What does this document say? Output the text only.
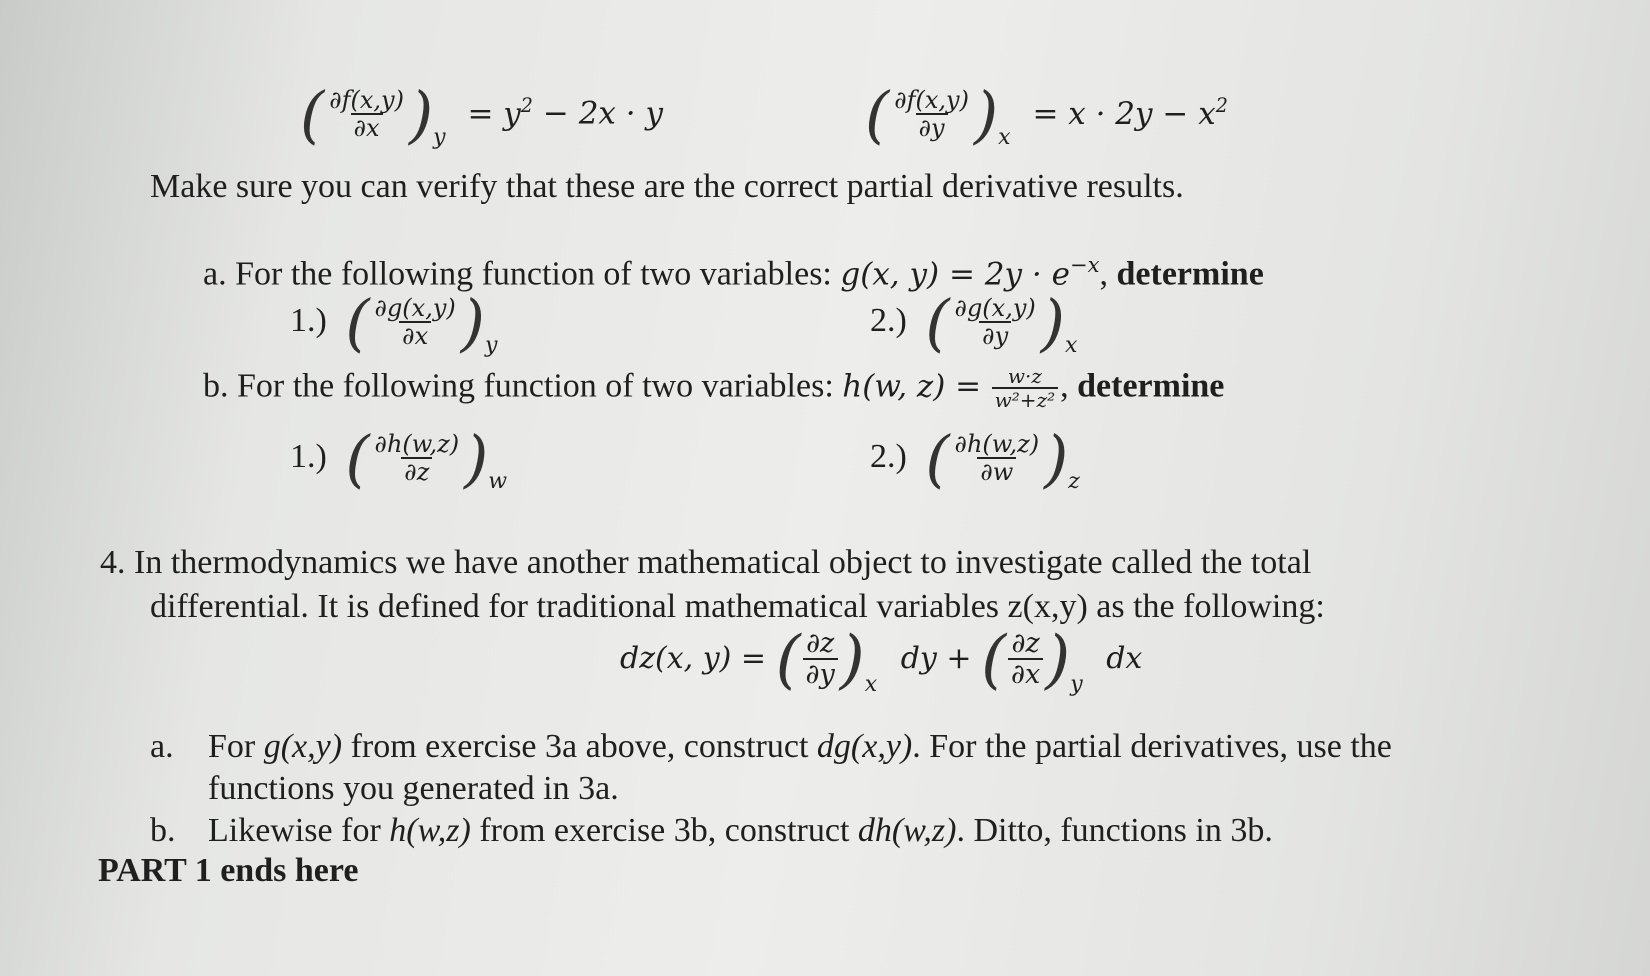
( $\frac{\partial f(x,y)}{\partial x}$ ) y
= $y^2 - 2x \cdot y$	( $\frac{\partial f(x,y)}{\partial y}$ ) x
= $x \cdot 2y - x^2$
Make sure you can verify that these are the correct partial derivative results.
a. For the following function of two variables: g(x, $y) = 2y \cdot e^{-x}$, determine
1.) ( $\frac{\partial g(x,y)}{\partial x}$ ) y
2.) ( $\frac{\partial g(x,y)}{\partial y}$ ) x
b. For the following function of two variables: h(w, $z) = \frac{w\cdot z}{\text{w²+z²}}$ , determine
1.) ( $\frac{\partial h(w,z)}{\partial z}$ ) w
2.) ( $\frac{\partial h(w,z)}{\partial w}$ ) z
4. In thermodynamics we have another mathematical object to investigate called the total
differential. It is defined for traditional mathematical variables z(x,y) as the following:
dz(x, y) = ( $\frac{\partial z}{\partial y}$ ) x
dy + ( $\frac{\partial z}{\partial x}$ ) y
dx
a. For g(x,y) from exercise 3a above, construct dg(x,y). For the partial derivatives, use the
functions you generated in 3a.
b. Likewise for h(w,z) from exercise 3b, construct dh(w,z). Ditto, functions in 3b.
PART 1 ends here
